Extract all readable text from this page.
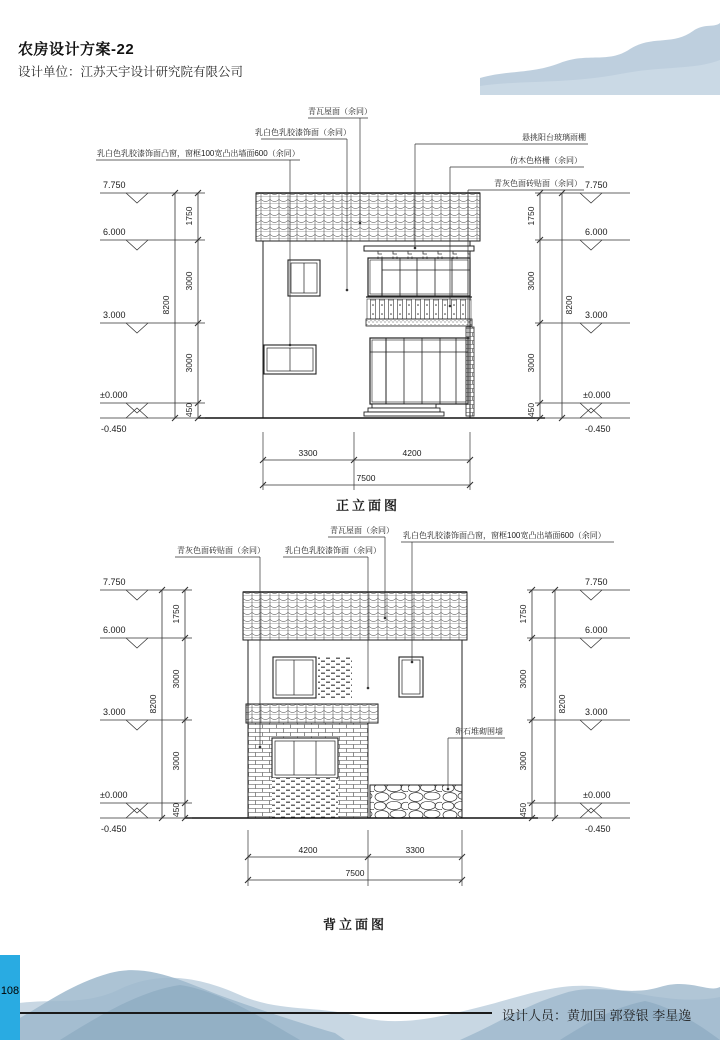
农房设计方案-22
设计单位：江苏天宇设计研究院有限公司
青瓦屋面（余同）
乳白色乳胶漆饰面（余同）
乳白色乳胶漆饰面凸窗，窗框100宽凸出墙面600（余同）
悬挑阳台玻璃雨棚
仿木色格栅（余同）
青灰色面砖贴面（余同）
7.750
6.000
3.000
±0.000
-0.450
1750
3000
3000
450
8200
7.750
6.000
3.000
±0.000
-0.450
1750
3000
3000
450
8200
3300	4200
7500
正立面图
青灰色面砖贴面（余同）	乳白色乳胶漆饰面（余同）
青瓦屋面（余同）
乳白色乳胶漆饰面凸窗，窗框100宽凸出墙面600（余同）
卵石堆砌围墙
7.750
6.000
3.000
±0.000
-0.450
1750
3000
3000
450
8200
7.750
6.000
3.000
±0.000
-0.450
1750
3000
3000
450
8200
4200	3300
7500
背立面图
108
设计人员：黄加国 郭登银 李星逸
